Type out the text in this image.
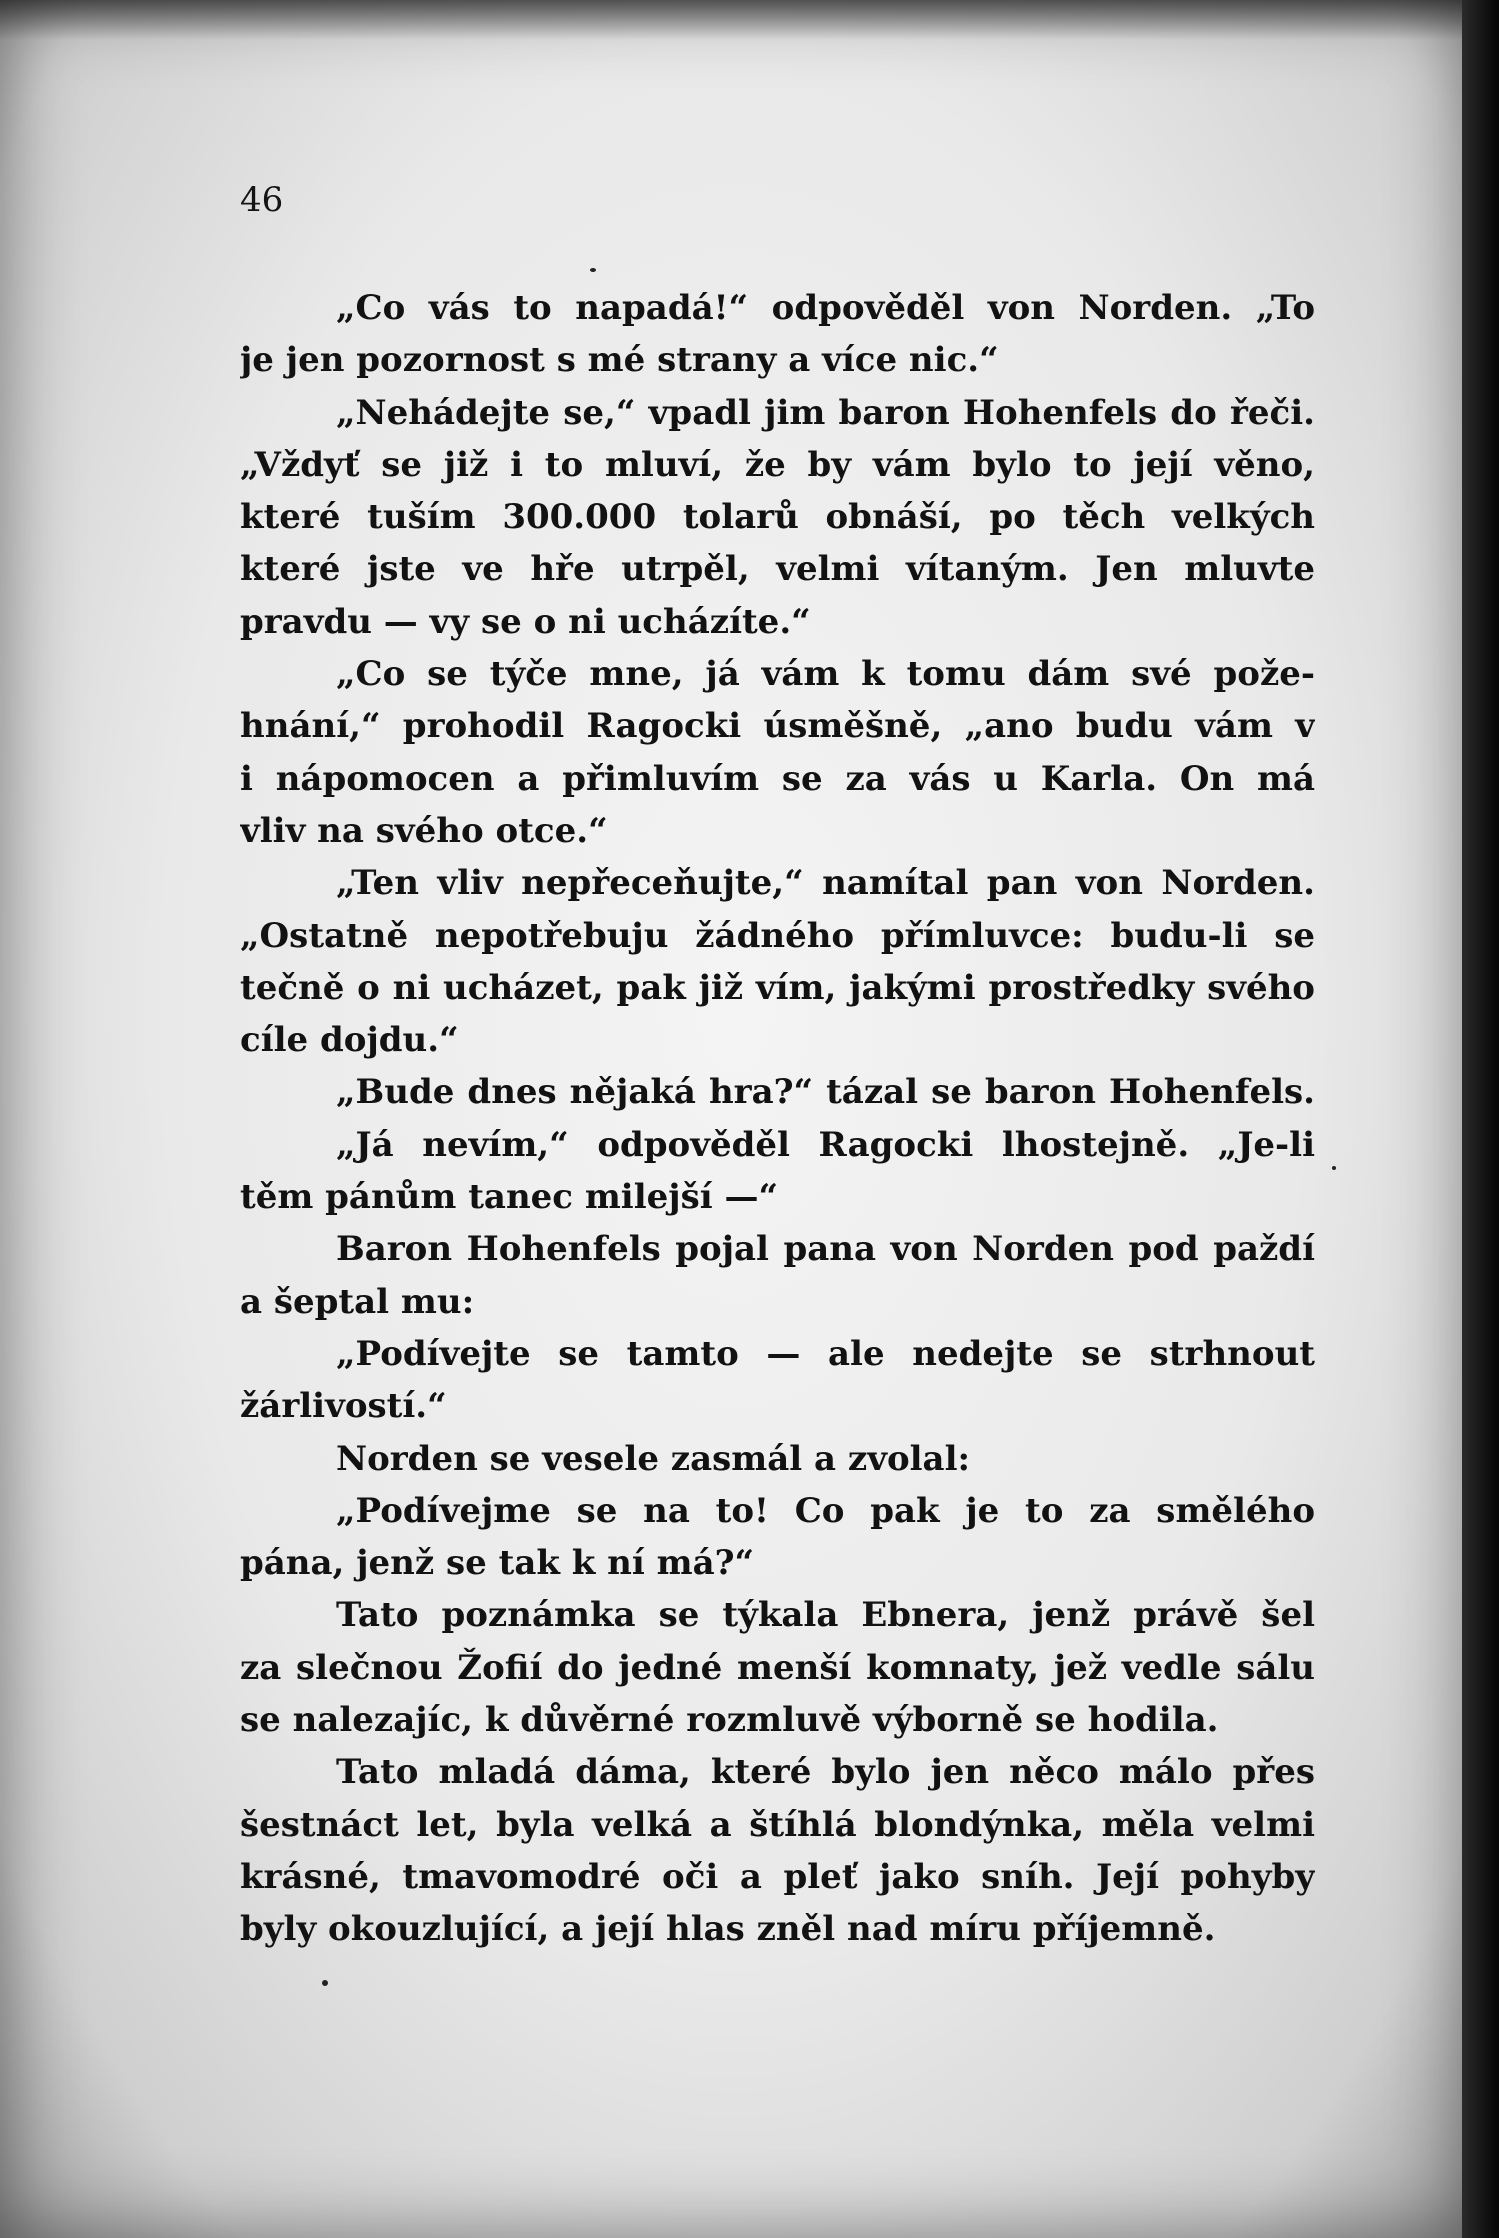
46
„Co vás to napadá!“ odpověděl von Norden. „To
je jen pozornost s mé strany a více nic.“
„Nehádejte se,“ vpadl jim baron Hohenfels do řeči.
„Vždyť se již i to mluví, že by vám bylo to její věno,
které tuším 300.000 tolarů obnáší, po těch velkých
které jste ve hře utrpěl, velmi vítaným. Jen mluvte
pravdu — vy se o ni ucházíte.“
„Co se týče mne, já vám k tomu dám své pože-
hnání,“ prohodil Ragocki úsměšně, „ano budu vám v
i nápomocen a přimluvím se za vás u Karla. On má
vliv na svého otce.“
„Ten vliv nepřeceňujte,“ namítal pan von Norden.
„Ostatně nepotřebuju žádného přímluvce: budu-li se
tečně o ni ucházet, pak již vím, jakými prostředky svého
cíle dojdu.“
„Bude dnes nějaká hra?“ tázal se baron Hohenfels.
„Já nevím,“ odpověděl Ragocki lhostejně. „Je-li
těm pánům tanec milejší —“
Baron Hohenfels pojal pana von Norden pod paždí
a šeptal mu:
„Podívejte se tamto — ale nedejte se strhnout
žárlivostí.“
Norden se vesele zasmál a zvolal:
„Podívejme se na to! Co pak je to za smělého
pána, jenž se tak k ní má?“
Tato poznámka se týkala Ebnera, jenž právě šel
za slečnou Žofií do jedné menší komnaty, jež vedle sálu
se nalezajíc, k důvěrné rozmluvě výborně se hodila.
Tato mladá dáma, které bylo jen něco málo přes
šestnáct let, byla velká a štíhlá blondýnka, měla velmi
krásné, tmavomodré oči a pleť jako sníh. Její pohyby
byly okouzlující, a její hlas zněl nad míru příjemně.
